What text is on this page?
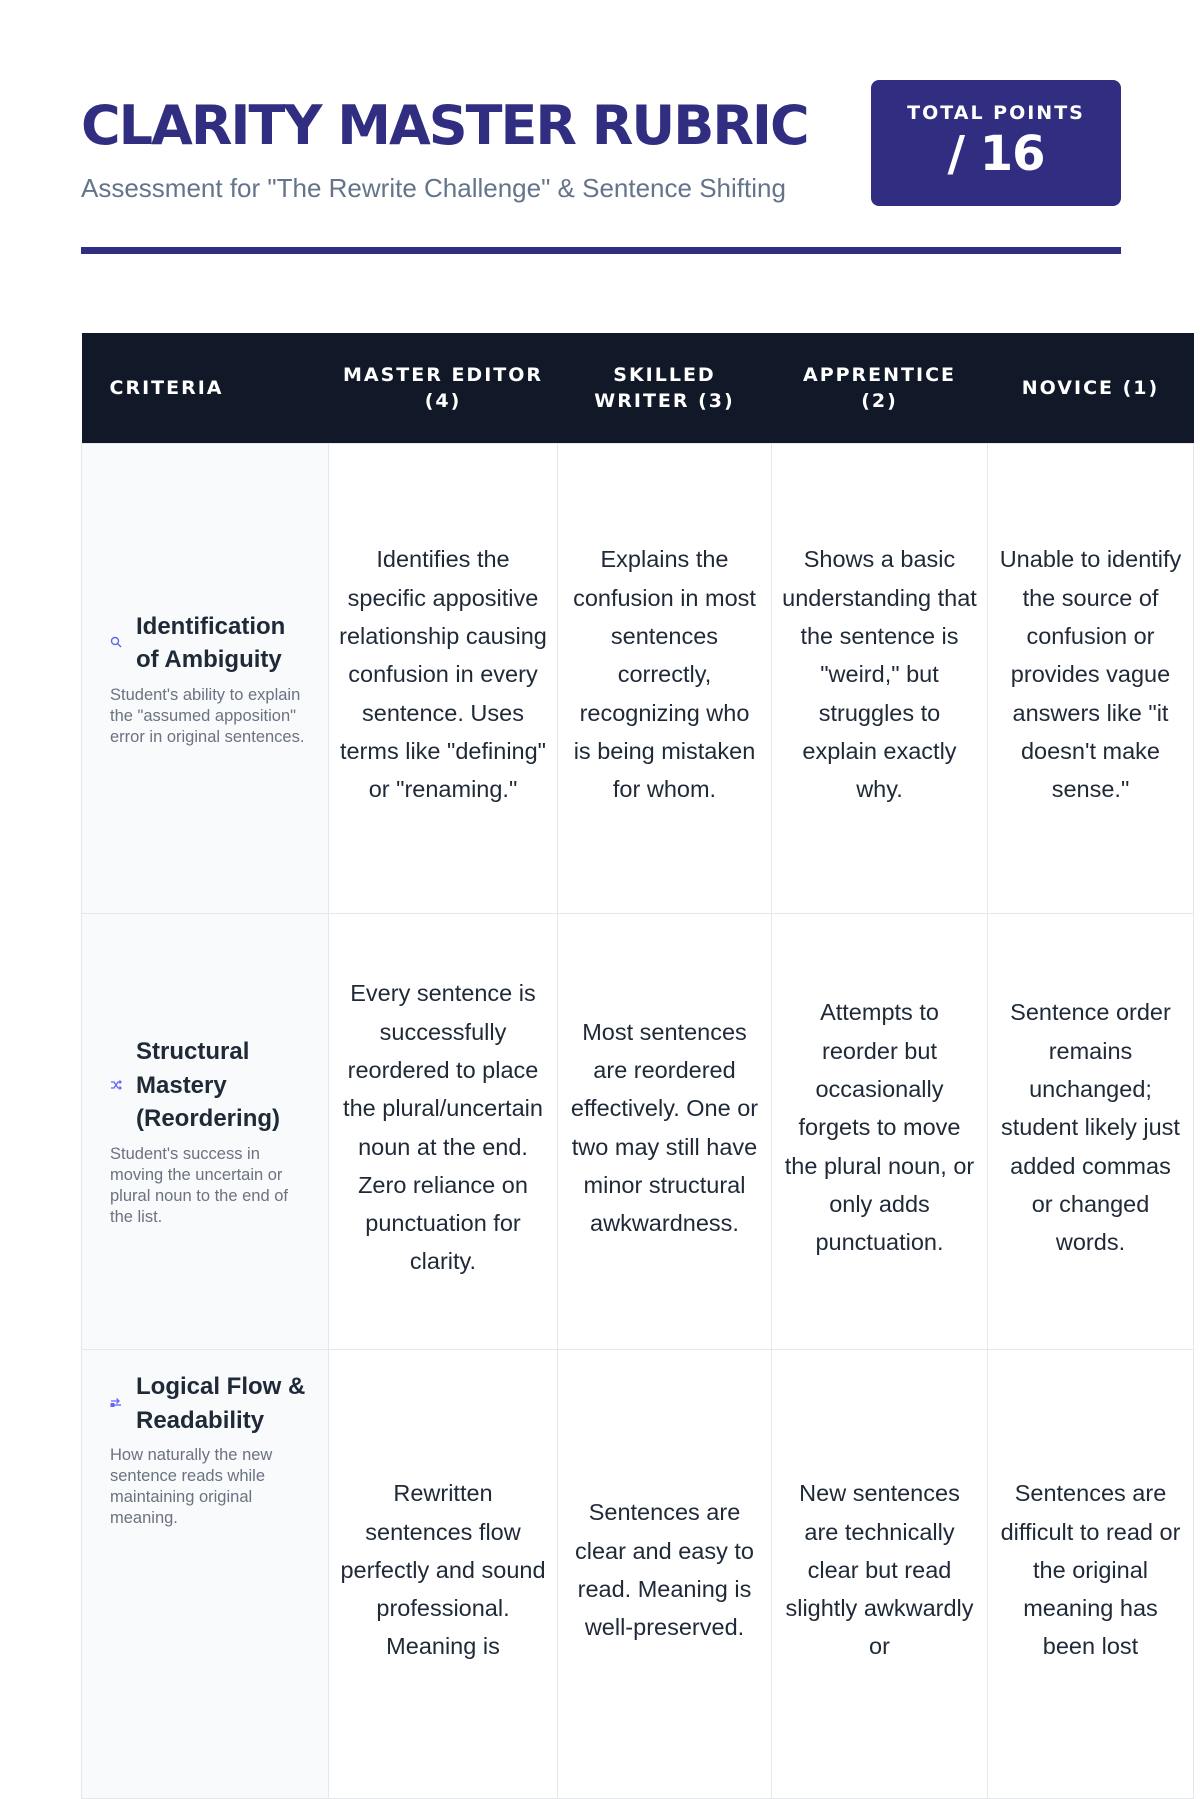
CLARITY MASTER RUBRIC

Assessment for "The Rewrite Challenge" & Sentence Shifting

TOTAL POINTS
/ 16
CRITERIA	MASTER EDITOR (4)	SKILLED WRITER (3)	APPRENTICE (2)	NOVICE (1)

Identification of Ambiguity
Student's ability to explain the "assumed apposition" error in original sentences.	Identifies the specific appositive relationship causing confusion in every sentence. Uses terms like "defining" or "renaming."	Explains the confusion in most sentences correctly, recognizing who is being mistaken for whom.	Shows a basic understanding that the sentence is "weird," but struggles to explain exactly why.	Unable to identify the source of confusion or provides vague answers like "it doesn't make sense."

Structural Mastery (Reordering)
Student's success in moving the uncertain or plural noun to the end of the list.	Every sentence is successfully reordered to place the plural/uncertain noun at the end. Zero reliance on punctuation for clarity.	Most sentences are reordered effectively. One or two may still have minor structural awkwardness.	Attempts to reorder but occasionally forgets to move the plural noun, or only adds punctuation.	Sentence order remains unchanged; student likely just added commas or changed words.

Logical Flow & Readability
How naturally the new sentence reads while maintaining original meaning.	Rewritten sentences flow perfectly and sound professional. Meaning is	Sentences are clear and easy to read. Meaning is well-preserved.	New sentences are technically clear but read slightly awkwardly or	Sentences are difficult to read or the original meaning has been lost
